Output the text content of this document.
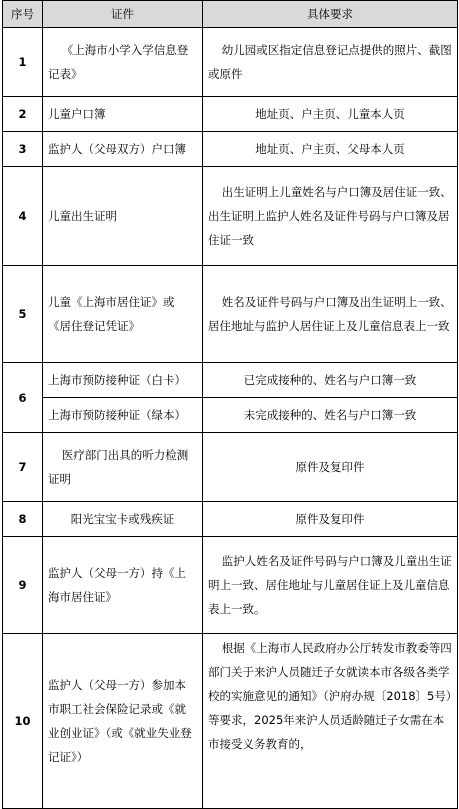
序号	证件	具体要求
1	《上海市小学入学信息登记表》	幼儿园或区指定信息登记点提供的照片、截图或原件
2	儿童户口簿	地址页、户主页、儿童本人页
3	监护人（父母双方）户口簿	地址页、户主页、父母本人页
4	儿童出生证明	出生证明上儿童姓名与户口簿及居住证一致、出生证明上监护人姓名及证件号码与户口簿及居住证一致
5	儿童《上海市居住证》或《居住登记凭证》	姓名及证件号码与户口簿及出生证明上一致、居住地址与监护人居住证上及儿童信息表上一致
6	上海市预防接种证（白卡）	已完成接种的、姓名与户口簿一致
	上海市预防接种证（绿本）	未完成接种的、姓名与户口簿一致
7	医疗部门出具的听力检测证明	原件及复印件
8	阳光宝宝卡或残疾证	原件及复印件
9	监护人（父母一方）持《上海市居住证》	监护人姓名及证件号码与户口簿及儿童出生证明上一致、居住地址与儿童居住证上及儿童信息表上一致。
10	监护人（父母一方）参加本市职工社会保险记录或《就业创业证》（或《就业失业登记证》）	根据《上海市人民政府办公厅转发市教委等四部门关于来沪人员随迁子女就读本市各级各类学校的实施意见的通知》（沪府办规〔2018〕5号）等要求，2025年来沪人员适龄随迁子女需在本市接受义务教育的，
